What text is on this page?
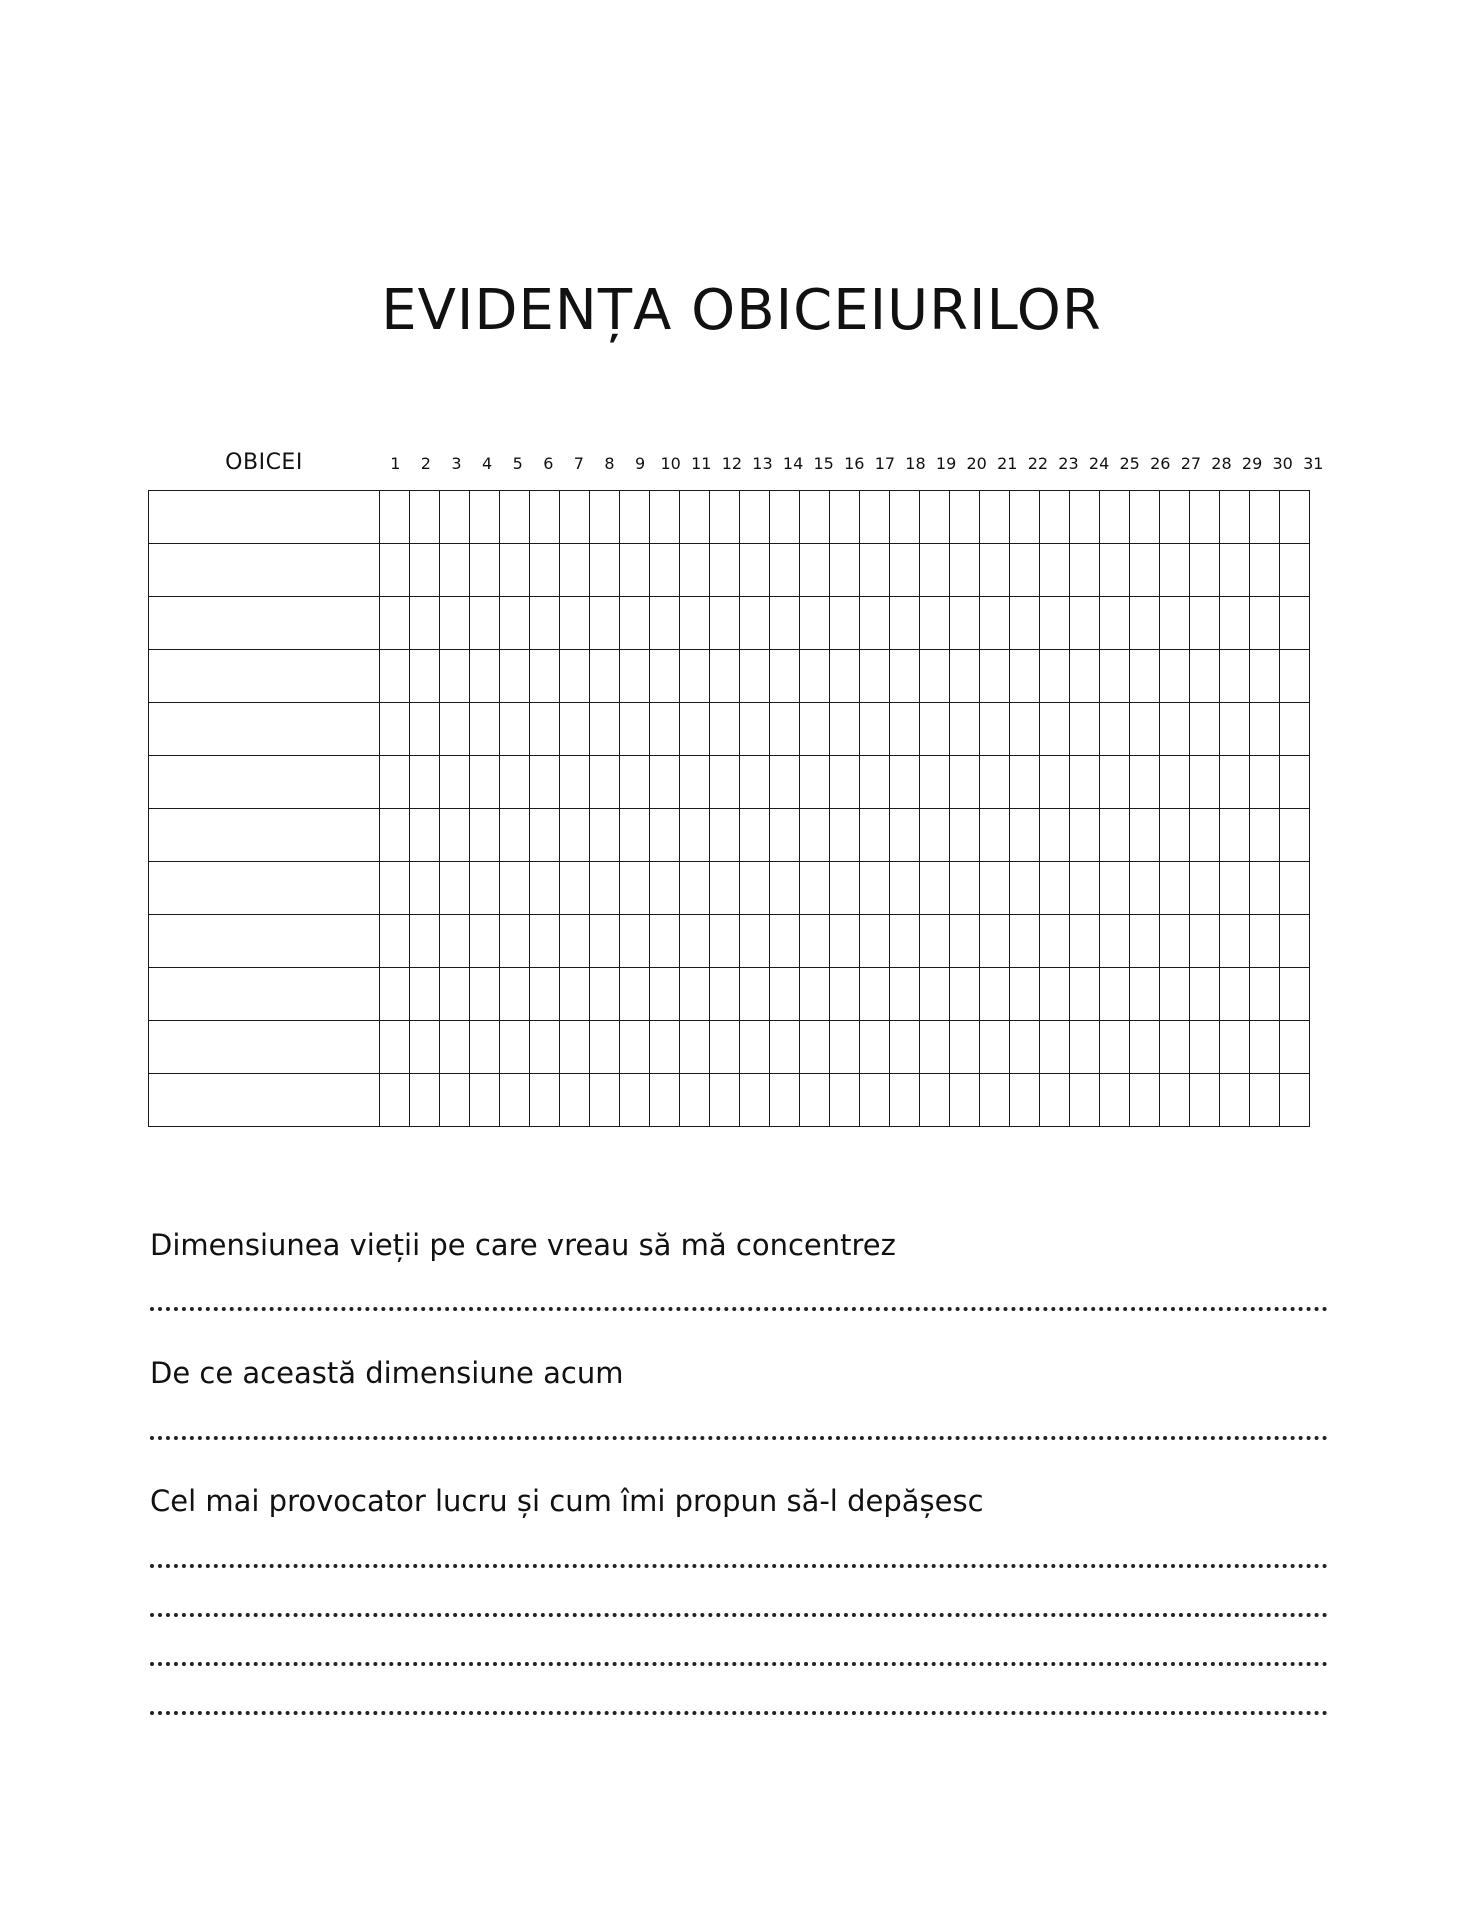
EVIDENȚA OBICEIURILOR
OBICEI	1	2	3	4	5	6	7	8	9 10 11 12 13 14 15 16 17 18 19 20 21 22 23 24 25 26 27 28 29 30 31

Dimensiunea vieții pe care vreau să mă concentrez
De ce această dimensiune acum
Cel mai provocator lucru și cum îmi propun să-l depășesc
